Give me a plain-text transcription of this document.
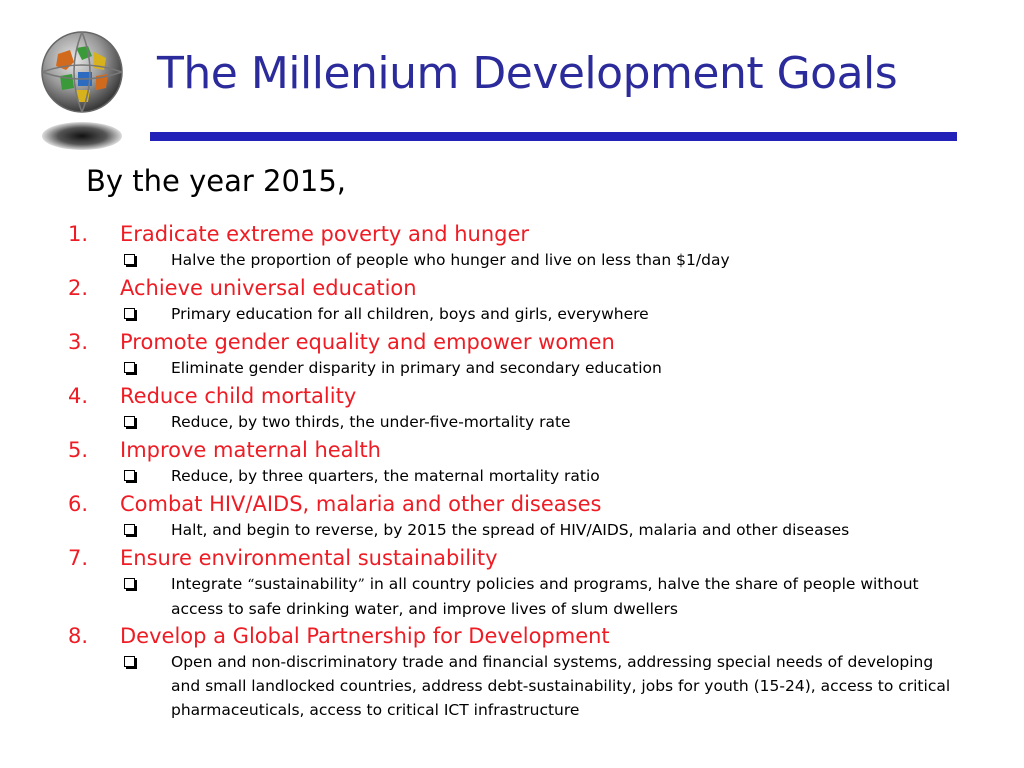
The Millenium Development Goals
By the year 2015,
1. Eradicate extreme poverty and hunger
Halve the proportion of people who hunger and live on less than $1/day
2. Achieve universal education
Primary education for all children, boys and girls, everywhere
3. Promote gender equality and empower women
Eliminate gender disparity in primary and secondary education
4. Reduce child mortality
Reduce, by two thirds, the under-five-mortality rate
5. Improve maternal health
Reduce, by three quarters, the maternal mortality ratio
6. Combat HIV/AIDS, malaria and other diseases
Halt, and begin to reverse, by 2015 the spread of HIV/AIDS, malaria and other diseases
7. Ensure environmental sustainability
Integrate “sustainability” in all country policies and programs, halve the share of people without access to safe drinking water, and improve lives of slum dwellers
8. Develop a Global Partnership for Development
Open and non-discriminatory trade and financial systems, addressing special needs of developing and small landlocked countries, address debt-sustainability, jobs for youth (15-24), access to critical pharmaceuticals, access to critical ICT infrastructure
